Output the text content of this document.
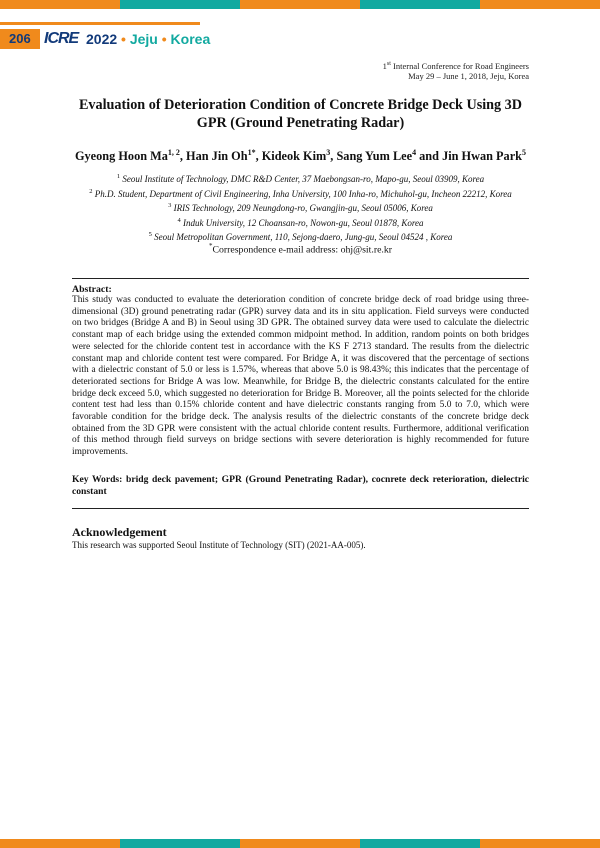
206 ICRE 2022 • Jeju • Korea
1st Internal Conference for Road Engineers
May 29 – June 1, 2018, Jeju, Korea
Evaluation of Deterioration Condition of Concrete Bridge Deck Using 3D
GPR (Ground Penetrating Radar)
Gyeong Hoon Ma$^{1, 2}$, Han Jin $Oh^{1*}$, Kideok Kim$^3$, Sang Yum Lee$^4$ and Jin Hwan Park$^5$
$^1$ Seoul Institute of Technology, DMC R&D Center, 37 Maebongsan-ro, Mapo-gu, Seoul 03909, Korea
$^2$ Ph.D. Student, Department of Civil Engineering, Inha University, 100 Inha-ro, Michuhol-gu, Incheon 22212, Korea
$^3$ IRIS Technology, 209 Neungdong-ro, Gwangjin-gu, Seoul 05006, Korea
$^4$ Induk University, 12 Choansan-ro, Nowon-gu, Seoul 01878, Korea
$^5$ Seoul Metropolitan Government, 110, Sejong-daero, Jung-gu, Seoul 04524 , Korea
*Correspondence e-mail address: ohj@sit.re.kr
Abstract:
This study was conducted to evaluate the deterioration condition of concrete bridge deck of road bridge using three-dimensional (3D) ground penetrating radar (GPR) survey data and its in situ application. Field surveys were conducted on two bridges (Bridge A and B) in Seoul using 3D GPR. The obtained survey data were used to calculate the dielectric constant map of each bridge using the extended common midpoint method. In addition, random points on both bridges were selected for the chloride content test in accordance with the KS F 2713 standard. The results from the dielectric constant map and chloride content test were compared. For Bridge A, it was discovered that the percentage of sections with a dielectric constant of 5.0 or less is 1.57%, whereas that above 5.0 is 98.43%; this indicates that the percentage of deteriorated sections for Bridge A was low. Meanwhile, for Bridge B, the dielectric constants calculated for the entire bridge deck exceed 5.0, which suggested no deterioration for Bridge B. Moreover, all the points selected for the chloride content test had less than 0.15% chloride content and have dielectric constants ranging from 5.0 to 7.0, which were favorable condition for the bridge deck. The analysis results of the dielectric constants of the concrete bridge deck obtained from the 3D GPR were consistent with the actual chloride content results. Furthermore, additional verification of this method through field surveys on bridge sections with severe deterioration is highly recommended for future improvements.
Key Words: bridg deck pavement; GPR (Ground Penetrating Radar), cocnrete deck reterioration, dielectric constant
Acknowledgement
This research was supported Seoul Institute of Technology (SIT) (2021-AA-005).
